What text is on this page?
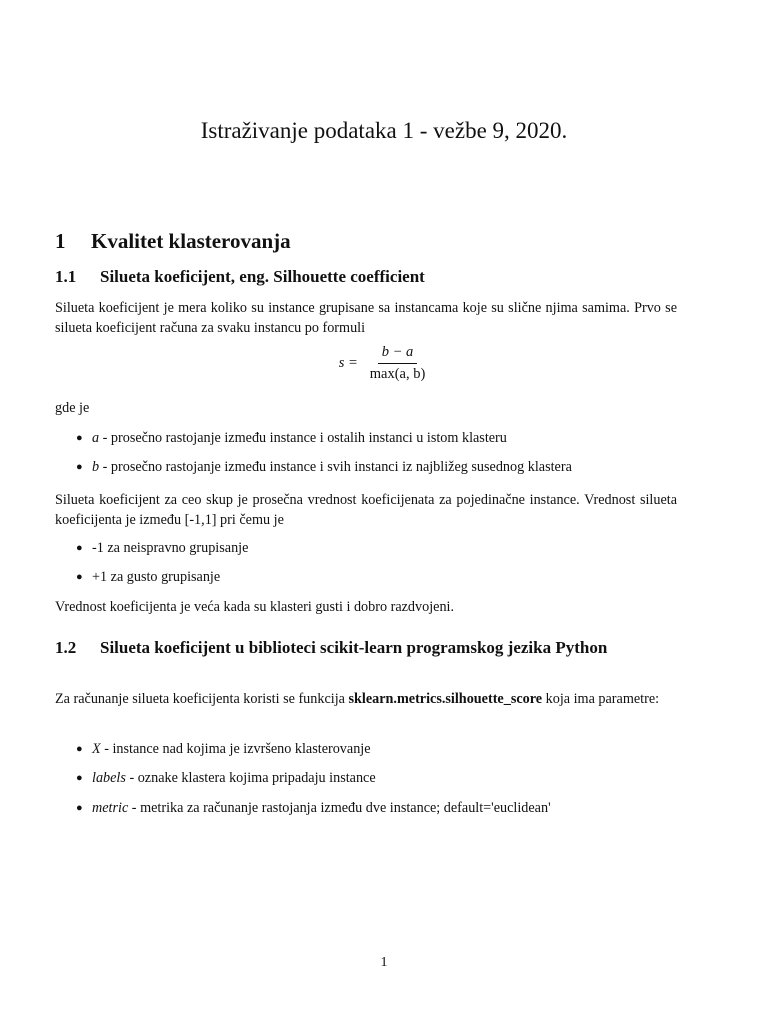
Istraživanje podataka 1 - vežbe 9, 2020.
1 Kvalitet klasterovanja
1.1 Silueta koeficijent, eng. Silhouette coefficient
Silueta koeficijent je mera koliko su instance grupisane sa instancama koje su slične njima samima. Prvo se silueta koeficijent računa za svaku instancu po formuli
$s = \frac{b - a}{\max(a, b)}$
gde je
● a - prosečno rastojanje između instance i ostalih instanci u istom klasteru
● b - prosečno rastojanje između instance i svih instanci iz najbližeg susednog klastera
Silueta koeficijent za ceo skup je prosečna vrednost koeficijenata za pojedinačne instance. Vrednost silueta koeficijenta je između [-1,1] pri čemu je
● -1 za neispravno grupisanje
● +1 za gusto grupisanje
Vrednost koeficijenta je veća kada su klasteri gusti i dobro razdvojeni.
1.2 Silueta koeficijent u biblioteci scikit-learn programskog jezika Python
Za računanje silueta koeficijenta koristi se funkcija sklearn.metrics.silhouette_score koja ima parametre:
● X - instance nad kojima je izvršeno klasterovanje
● labels - oznake klastera kojima pripadaju instance
● metric - metrika za računanje rastojanja između dve instance; default='euclidean'
1
